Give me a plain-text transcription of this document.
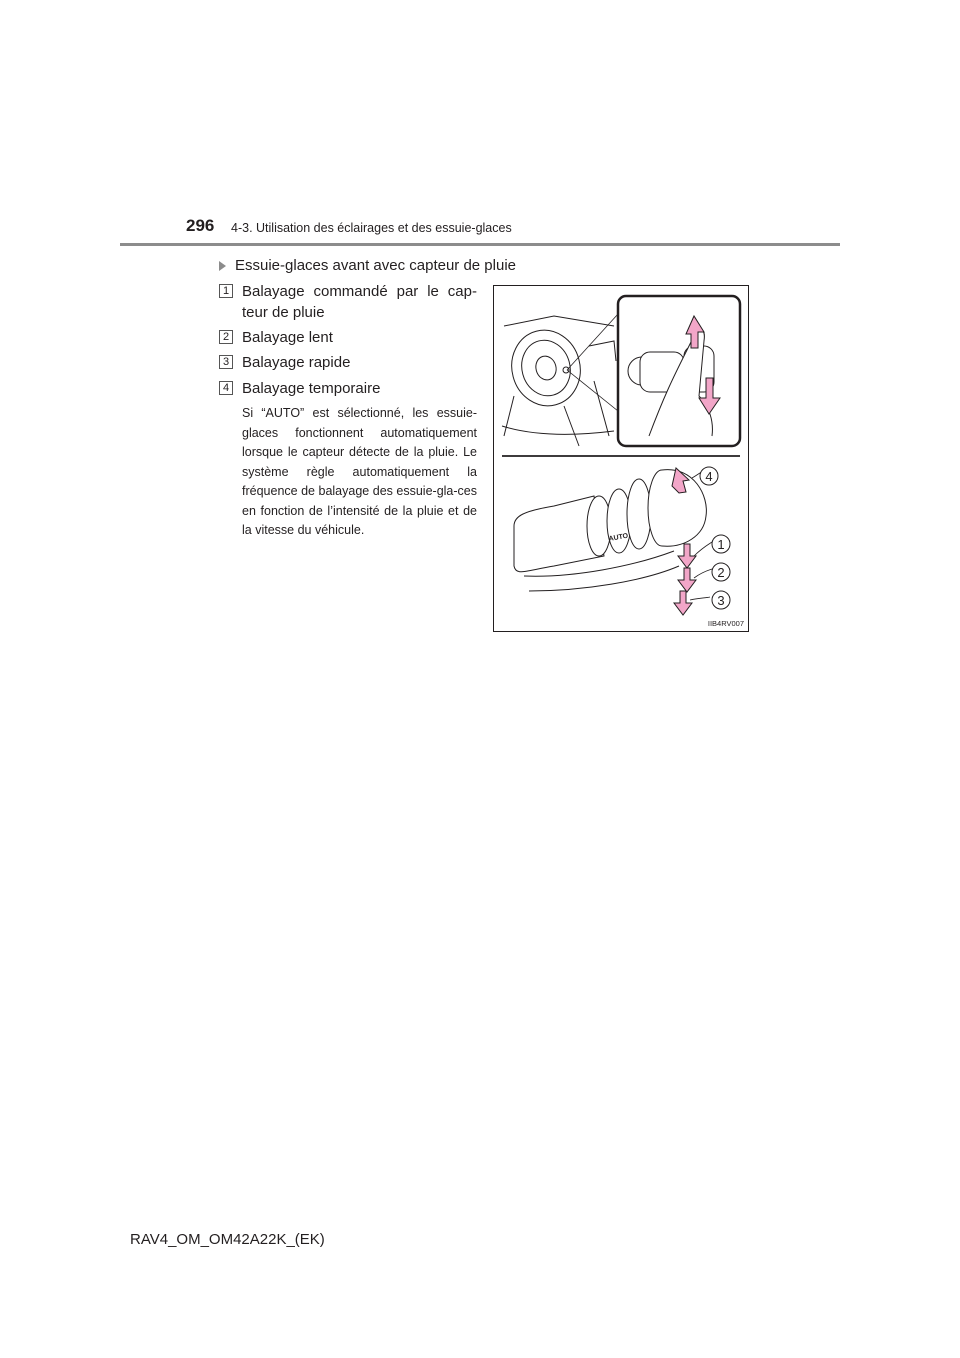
296 4-3. Utilisation des éclairages et des essuie-glaces
Essuie-glaces avant avec capteur de pluie
1 Balayage commandé par le cap-teur de pluie
2 Balayage lent
3 Balayage rapide
4 Balayage temporaire
Si “AUTO” est sélectionné, les essuie-glaces fonctionnent automatiquement lorsque le capteur détecte de la pluie. Le système règle automatiquement la fréquence de balayage des essuie-gla-ces en fonction de l’intensité de la pluie et de la vitesse du véhicule.
AUTO
4
1
2
3
IIB4RV007
RAV4_OM_OM42A22K_(EK)
